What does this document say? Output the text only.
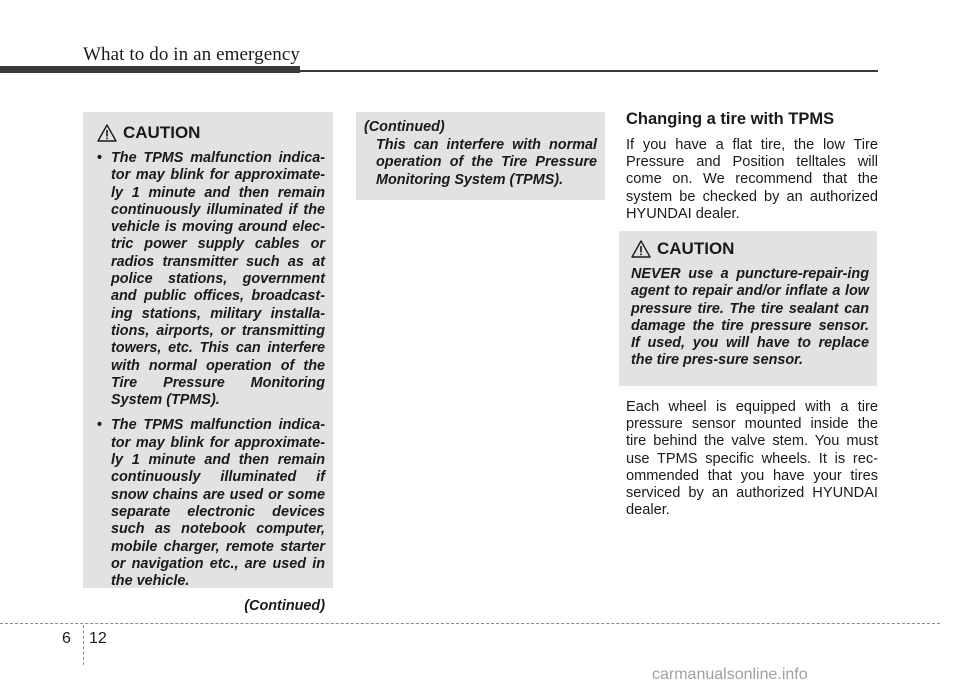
What to do in an emergency
CAUTION
• The TPMS malfunction indica-tor may blink for approximate-ly 1 minute and then remain continuously illuminated if the vehicle is moving around elec-tric power supply cables or radios transmitter such as at police stations, government and public offices, broadcast-ing stations, military installa-tions, airports, or transmitting towers, etc. This can interfere with normal operation of the Tire Pressure Monitoring System (TPMS).

• The TPMS malfunction indica-tor may blink for approximate-ly 1 minute and then remain continuously illuminated if snow chains are used or some separate electronic devices such as notebook computer, mobile charger, remote starter or navigation etc., are used in the vehicle.

(Continued)
(Continued)

This can interfere with normal operation of the Tire Pressure Monitoring System (TPMS).

Changing a tire with TPMS

If you have a flat tire, the low Tire Pressure and Position telltales will come on. We recommend that the system be checked by an authorized HYUNDAI dealer.

CAUTION

NEVER use a puncture-repair-ing agent to repair and/or inflate a low pressure tire. The tire sealant can damage the tire pressure sensor. If used, you will have to replace the tire pres-sure sensor.

Each wheel is equipped with a tire pressure sensor mounted inside the tire behind the valve stem. You must use TPMS specific wheels. It is rec-ommended that you have your tires serviced by an authorized HYUNDAI dealer.

6 12
carmanualsonline.info
